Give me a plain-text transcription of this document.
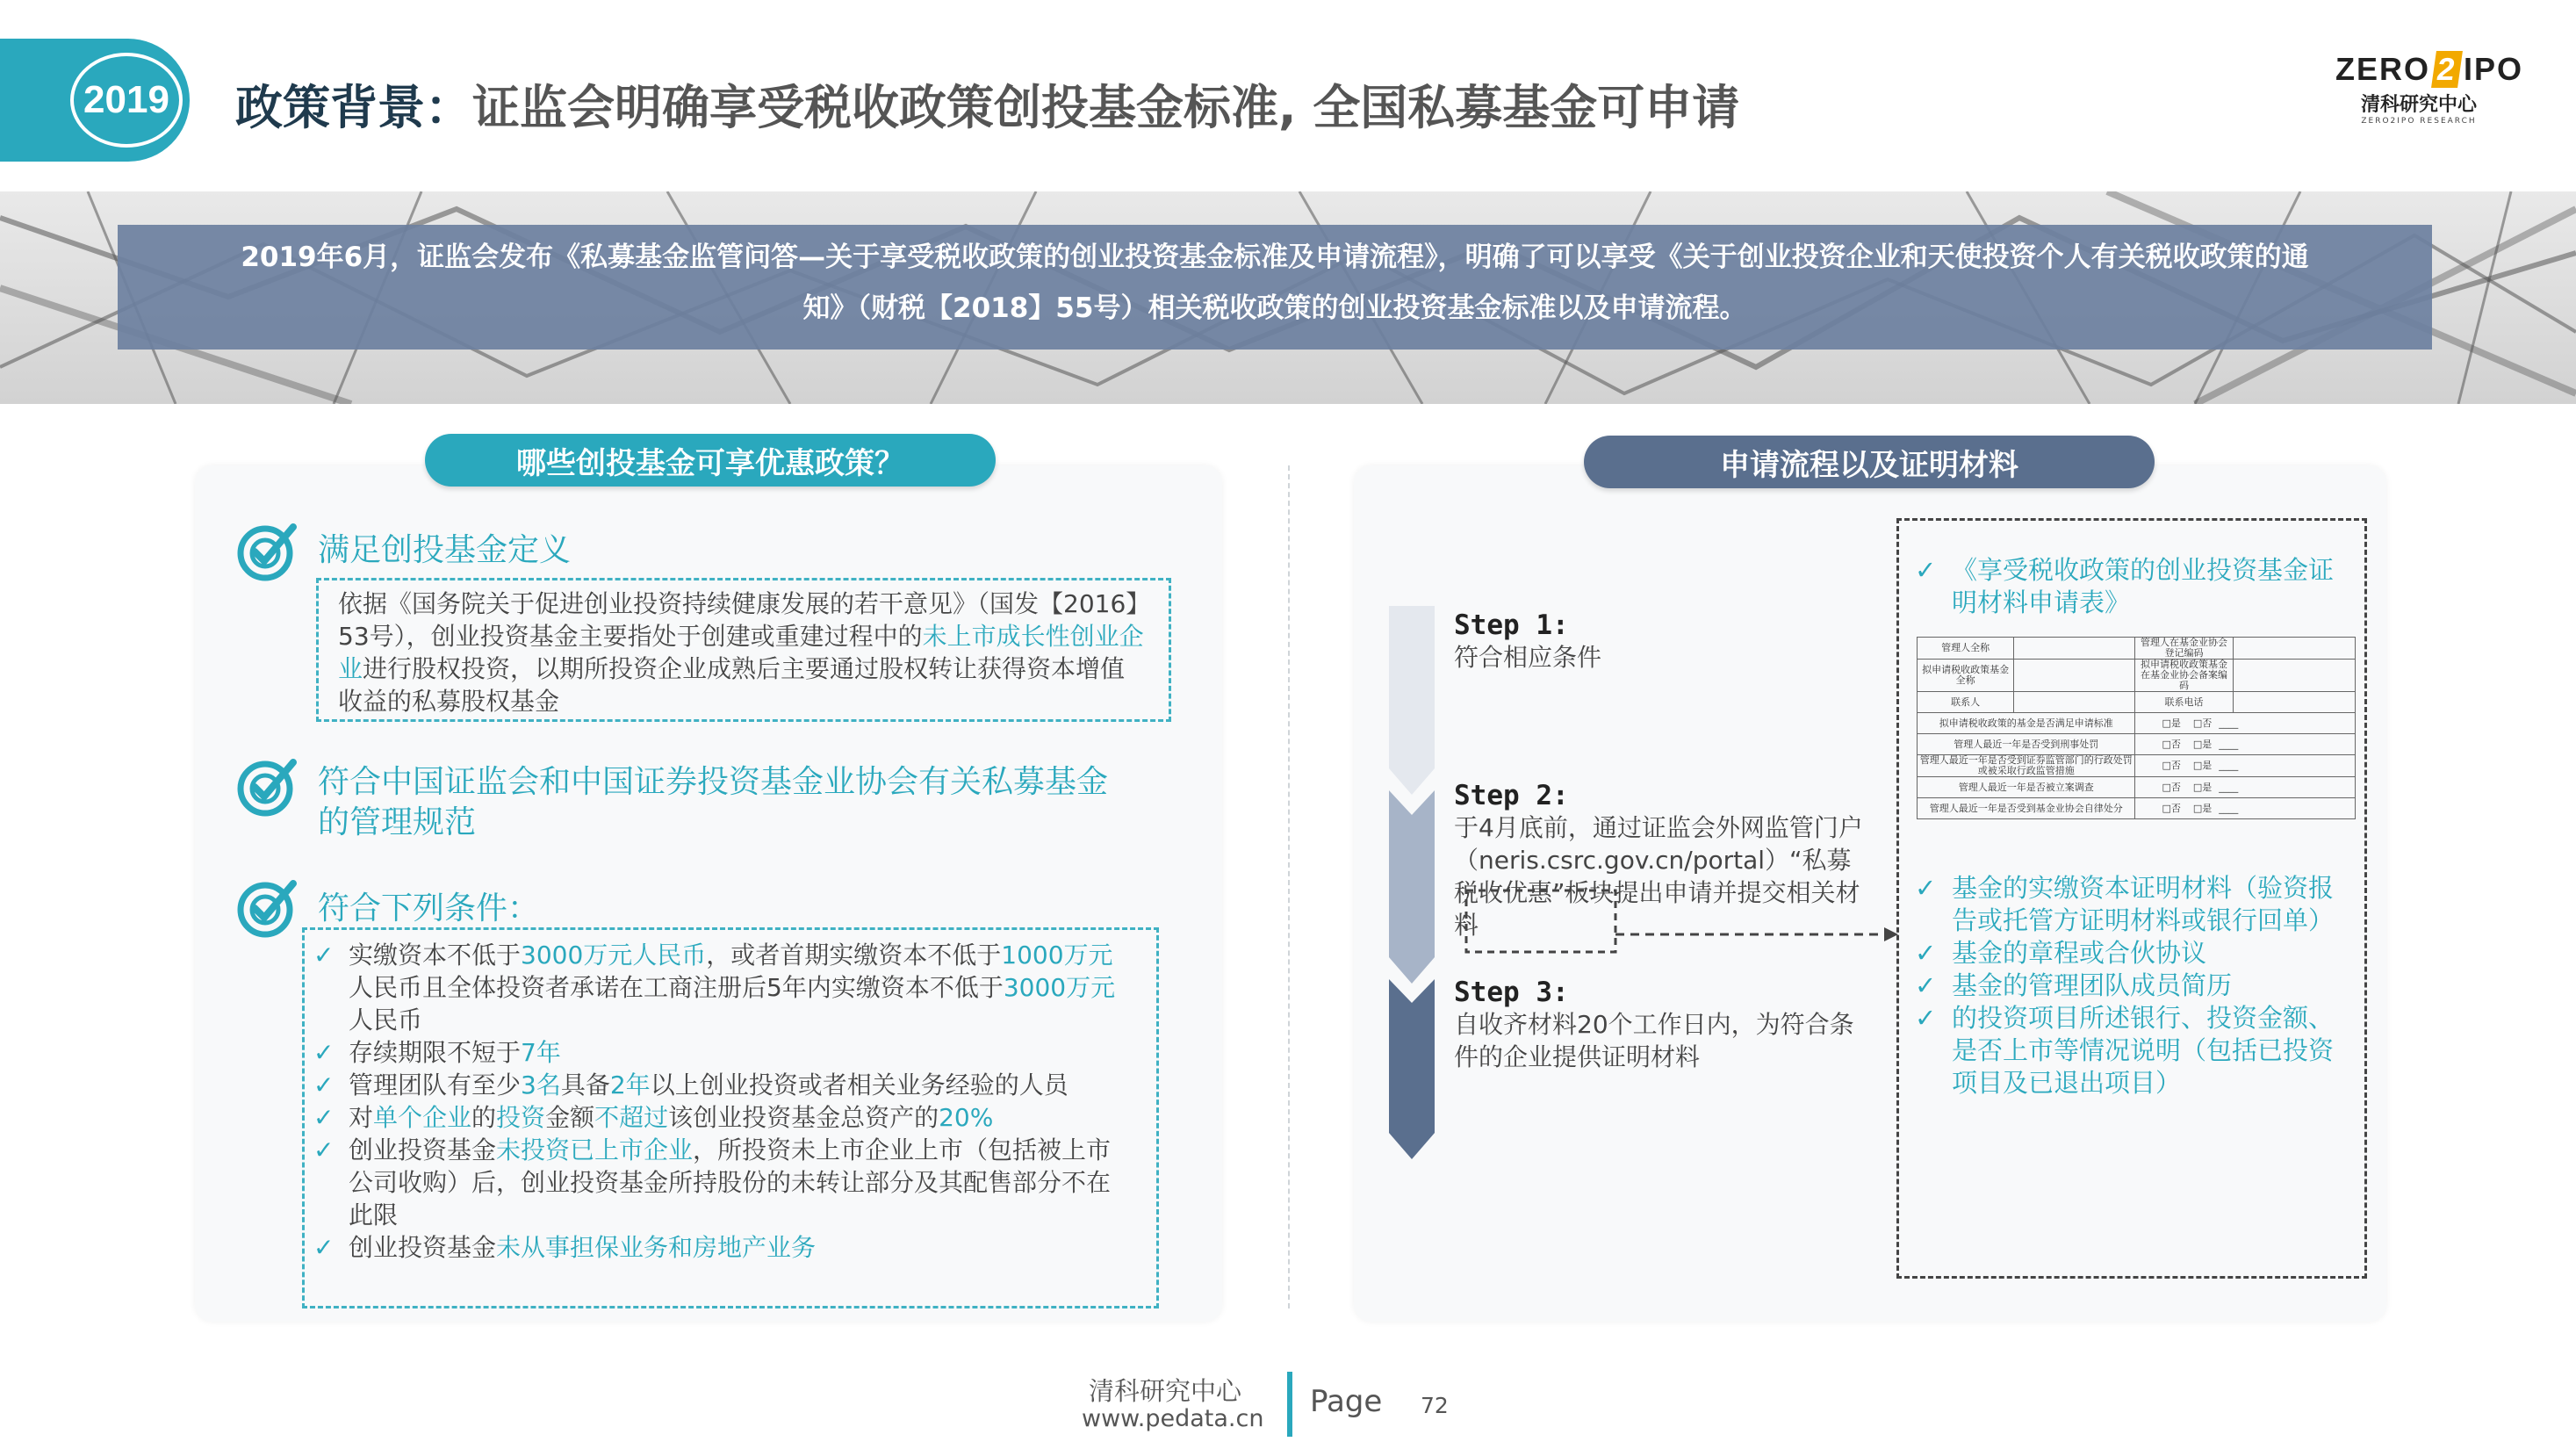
2019 政策背景：证监会明确享受税收政策创投基金标准, 全国私募基金可申请
ZERO 2 IPO
清科研究中心
ZERO2IPO RESEARCH
2019年6月，证监会发布《私募基金监管问答—关于享受税收政策的创业投资基金标准及申请流程》，明确了可以享受《关于创业投资企业和天使投资个人有关税收政策的通
知》（财税【2018】55号）相关税收政策的创业投资基金标准以及申请流程。
哪些创投基金可享优惠政策？	申请流程以及证明材料
满足创投基金定义
依据《国务院关于促进创业投资持续健康发展的若干意见》（国发【2016】53号），创业投资基金主要指处于创建或重建过程中的未上市成长性创业企业进行股权投资，以期所投资企业成熟后主要通过股权转让获得资本增值收益的私募股权基金
符合中国证监会和中国证券投资基金业协会有关私募基金
的管理规范
符合下列条件：
✓ 实缴资本不低于3000万元人民币，或者首期实缴资本不低于1000万元人民币且全体投资者承诺在工商注册后5年内实缴资本不低于3000万元人民币
✓ 存续期限不短于7年
✓ 管理团队有至少3名具备2年以上创业投资或者相关业务经验的人员
✓ 对单个企业的投资金额不超过该创业投资基金总资产的20%
✓ 创业投资基金未投资已上市企业，所投资未上市企业上市（包括被上市公司收购）后，创业投资基金所持股份的未转让部分及其配售部分不在此限
✓ 创业投资基金未从事担保业务和房地产业务
Step 1:
符合相应条件
Step 2:
于4月底前，通过证监会外网监管门户（neris.csrc.gov.cn/portal）“私募税收优惠”板块提出申请并提交相关材料
Step 3:
自收齐材料20个工作日内，为符合条件的企业提供证明材料
✓ 《享受税收政策的创业投资基金证明材料申请表》
管理人全称		管理人在基金业协会登记编码	
拟申请税收政策基金全称		拟申请税收政策基金在基金业协会备案编码	
联系人		联系电话	
拟申请税收政策的基金是否满足申请标准		□是 □否 ____	
管理人最近一年是否受到刑事处罚		□否 □是 ____	
管理人最近一年是否受到证券监管部门的行政处罚或被采取行政监管措施		□否 □是 ____	
管理人最近一年是否被立案调查		□否 □是 ____	
管理人最近一年是否受到基金业协会自律处分		□否 □是 ____	
✓ 基金的实缴资本证明材料（验资报告或托管方证明材料或银行回单）
✓ 基金的章程或合伙协议
✓ 基金的管理团队成员简历
✓ 的投资项目所述银行、投资金额、是否上市等情况说明（包括已投资项目及已退出项目）
清科研究中心
www.pedata.cn Page 72
